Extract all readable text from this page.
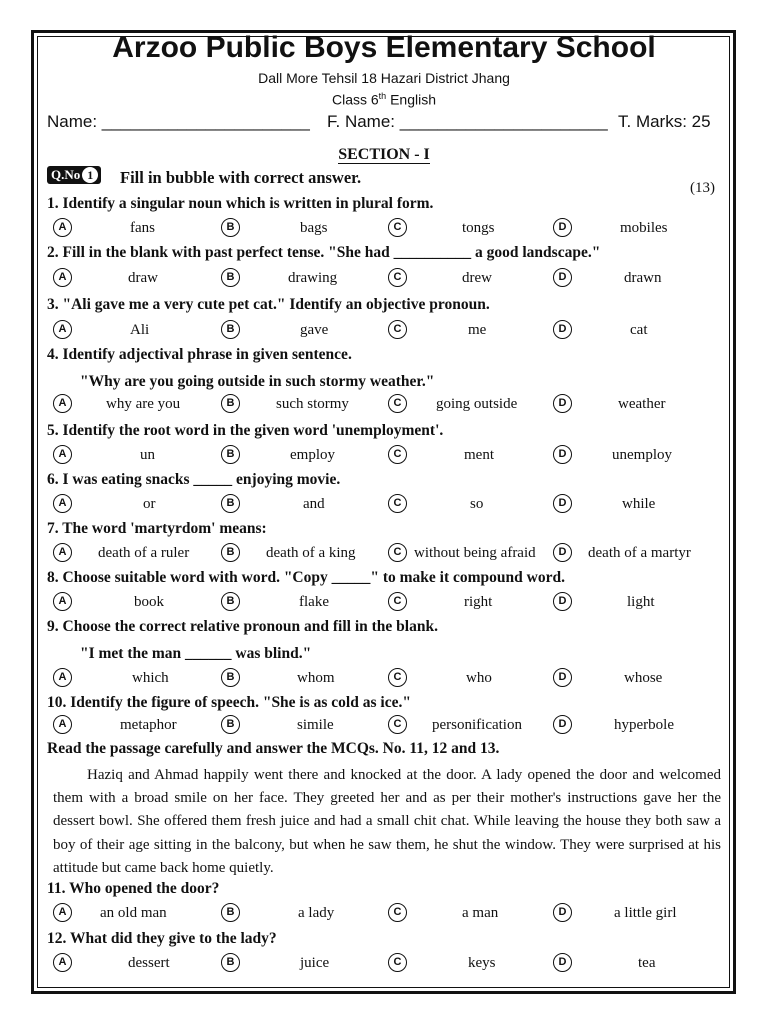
Arzoo Public Boys Elementary School
Dall More Tehsil 18 Hazari District Jhang
Class 6th English
Name: ______________________ F. Name: ______________________ T. Marks: 25
SECTION - I
Q.No 1	Fill in bubble with correct answer.
(13)
1. Identify a singular noun which is written in plural form.
A	fans	B	bags	C	tongs	D	mobiles
2. Fill in the blank with past perfect tense. "She had __________ a good landscape."
A	draw	B	drawing	C	drew	D	drawn
3. "Ali gave me a very cute pet cat." Identify an objective pronoun.
A	Ali	B	gave	C	me	D	cat
4. Identify adjectival phrase in given sentence.
"Why are you going outside in such stormy weather."
A	why are you	B	such stormy	C	going outside	D	weather
5. Identify the root word in the given word 'unemployment'.
A	un	B	employ	C	ment	D	unemploy
6. I was eating snacks _____ enjoying movie.
A	or	B	and	C	so	D	while
7. The word 'martyrdom' means:
A	death of a ruler	B	death of a king	C without being afraid	D	death of a martyr
8. Choose suitable word with word. "Copy _____" to make it compound word.
A	book	B	flake	C	right	D	light
9. Choose the correct relative pronoun and fill in the blank.
"I met the man ______ was blind."
A	which	B	whom	C	who	D	whose
10. Identify the figure of speech. "She is as cold as ice."
A	metaphor	B	simile	C	personification	D	hyperbole
Read the passage carefully and answer the MCQs. No. 11, 12 and 13.
Haziq and Ahmad happily went there and knocked at the door. A lady opened the door and welcomed them with a broad smile on her face. They greeted her and as per their mother's instructions gave her the dessert bowl. She offered them fresh juice and had a small chit chat. While leaving the house they both saw a boy of their age sitting in the balcony, but when he saw them, he shut the window. They were surprised at his attitude but came back home quietly.
11. Who opened the door?
A	an old man	B	a lady	C	a man	D	a little girl
12. What did they give to the lady?
A	dessert	B	juice	C	keys	D	tea
